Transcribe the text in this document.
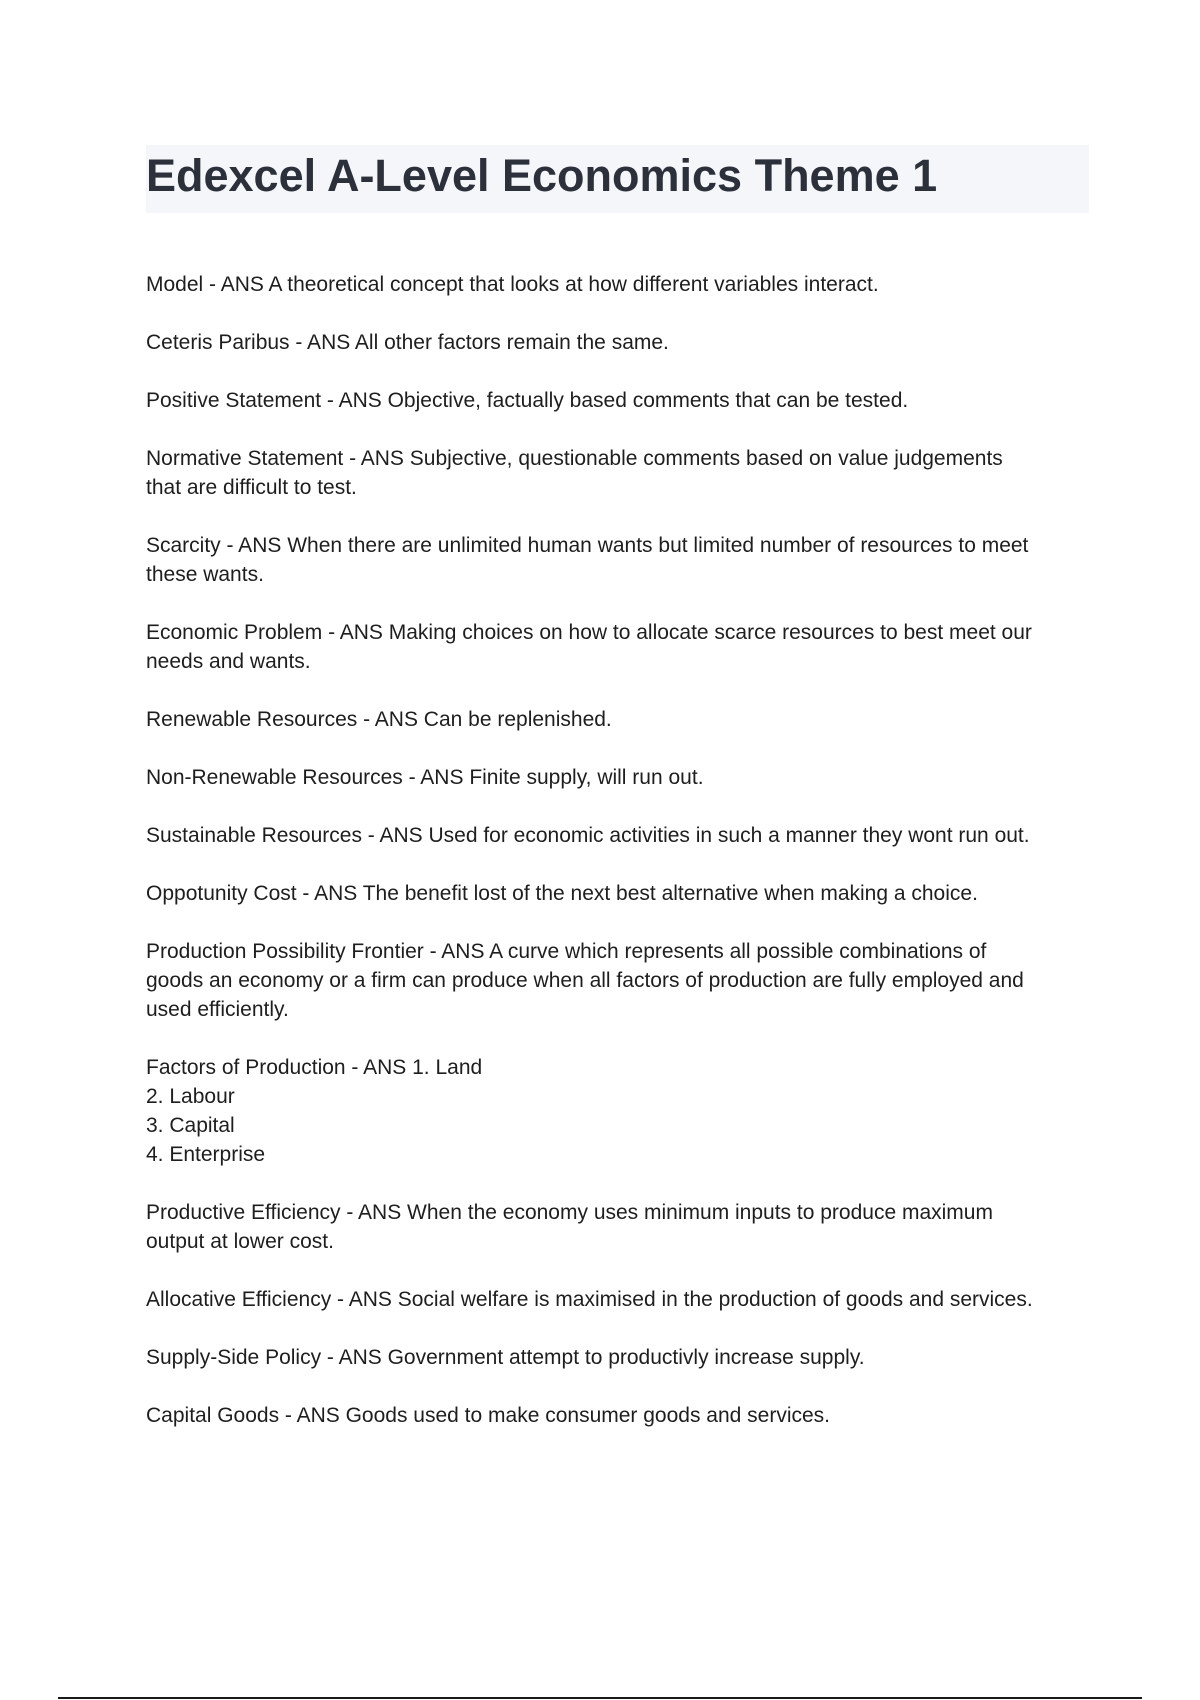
Edexcel A-Level Economics Theme 1

Model - ANS A theoretical concept that looks at how different variables interact.

Ceteris Paribus - ANS All other factors remain the same.

Positive Statement - ANS Objective, factually based comments that can be tested.

Normative Statement - ANS Subjective, questionable comments based on value judgements
that are difficult to test.

Scarcity - ANS When there are unlimited human wants but limited number of resources to meet
these wants.

Economic Problem - ANS Making choices on how to allocate scarce resources to best meet our
needs and wants.

Renewable Resources - ANS Can be replenished.

Non-Renewable Resources - ANS Finite supply, will run out.

Sustainable Resources - ANS Used for economic activities in such a manner they wont run out.

Oppotunity Cost - ANS The benefit lost of the next best alternative when making a choice.

Production Possibility Frontier - ANS A curve which represents all possible combinations of
goods an economy or a firm can produce when all factors of production are fully employed and
used efficiently.

Factors of Production - ANS 1. Land
2. Labour
3. Capital
4. Enterprise

Productive Efficiency - ANS When the economy uses minimum inputs to produce maximum
output at lower cost.

Allocative Efficiency - ANS Social welfare is maximised in the production of goods and services.

Supply-Side Policy - ANS Government attempt to productivly increase supply.

Capital Goods - ANS Goods used to make consumer goods and services.
